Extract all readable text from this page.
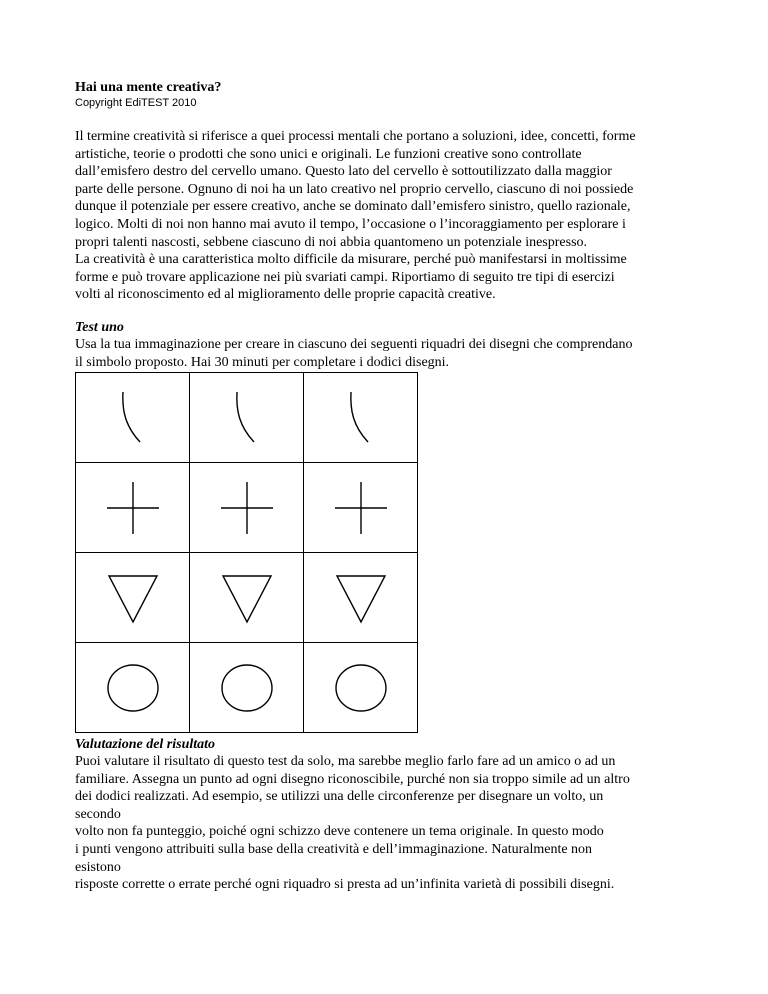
Hai una mente creativa?

Copyright EdiTEST 2010

Il termine creatività si riferisce a quei processi mentali che portano a soluzioni, idee, concetti, forme
artistiche, teorie o prodotti che sono unici e originali. Le funzioni creative sono controllate
dall’emisfero destro del cervello umano. Questo lato del cervello è sottoutilizzato dalla maggior
parte delle persone. Ognuno di noi ha un lato creativo nel proprio cervello, ciascuno di noi possiede
dunque il potenziale per essere creativo, anche se dominato dall’emisfero sinistro, quello razionale,
logico. Molti di noi non hanno mai avuto il tempo, l’occasione o l’incoraggiamento per esplorare i
propri talenti nascosti, sebbene ciascuno di noi abbia quantomeno un potenziale inespresso.
La creatività è una caratteristica molto difficile da misurare, perché può manifestarsi in moltissime
forme e può trovare applicazione nei più svariati campi. Riportiamo di seguito tre tipi di esercizi
volti al riconoscimento ed al miglioramento delle proprie capacità creative.

Test uno

Usa la tua immaginazione per creare in ciascuno dei seguenti riquadri dei disegni che comprendano
il simbolo proposto. Hai 30 minuti per completare i dodici disegni.

Valutazione del risultato

Puoi valutare il risultato di questo test da solo, ma sarebbe meglio farlo fare ad un amico o ad un
familiare. Assegna un punto ad ogni disegno riconoscibile, purché non sia troppo simile ad un altro
dei dodici realizzati. Ad esempio, se utilizzi una delle circonferenze per disegnare un volto, un
secondo
volto non fa punteggio, poiché ogni schizzo deve contenere un tema originale. In questo modo
i punti vengono attribuiti sulla base della creatività e dell’immaginazione. Naturalmente non
esistono
risposte corrette o errate perché ogni riquadro si presta ad un’infinita varietà di possibili disegni.
